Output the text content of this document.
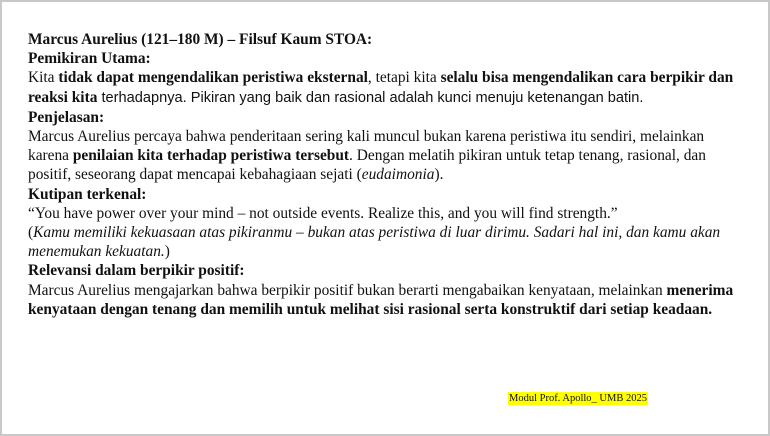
Marcus Aurelius (121–180 M) – Filsuf Kaum STOA:

Pemikiran Utama:

Kita tidak dapat mengendalikan peristiwa eksternal, tetapi kita selalu bisa mengendalikan cara berpikir dan reaksi kita terhadapnya. Pikiran yang baik dan rasional adalah kunci menuju ketenangan batin.

Penjelasan:

Marcus Aurelius percaya bahwa penderitaan sering kali muncul bukan karena peristiwa itu sendiri, melainkan karena penilaian kita terhadap peristiwa tersebut. Dengan melatih pikiran untuk tetap tenang, rasional, dan positif, seseorang dapat mencapai kebahagiaan sejati (eudaimonia).

Kutipan terkenal:

“You have power over your mind – not outside events. Realize this, and you will find strength.”

(Kamu memiliki kekuasaan atas pikiranmu – bukan atas peristiwa di luar dirimu. Sadari hal ini, dan kamu akan menemukan kekuatan.)

Relevansi dalam berpikir positif:

Marcus Aurelius mengajarkan bahwa berpikir positif bukan berarti mengabaikan kenyataan, melainkan menerima kenyataan dengan tenang dan memilih untuk melihat sisi rasional serta konstruktif dari setiap keadaan.

Modul Prof. Apollo_ UMB 2025
